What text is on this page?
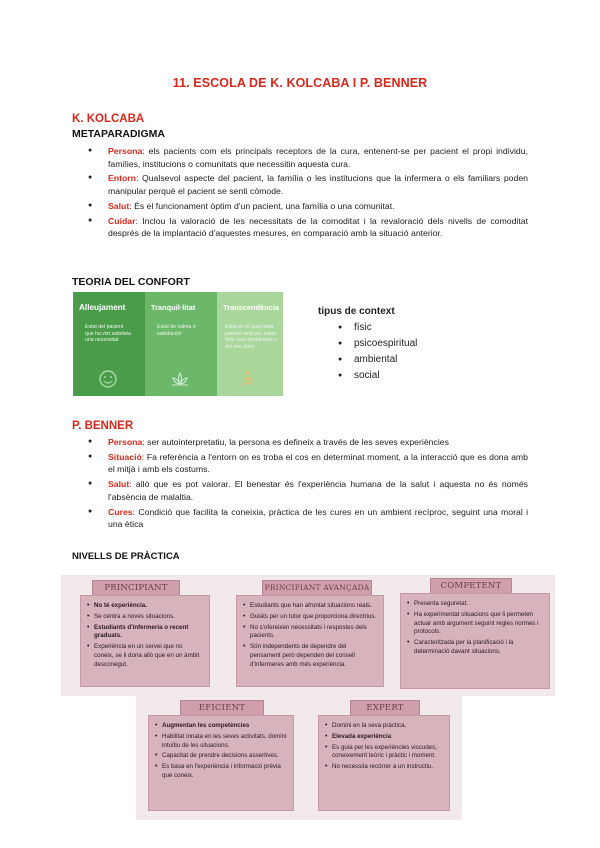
11. ESCOLA DE K. KOLCABA I P. BENNER
K. KOLCABA
METAPARADIGMA
● Persona: els pacients com els principals receptors de la cura, entenent-se per pacient el propi individu, famílies, institucions o comunitats que necessitin aquesta cura.
● Entorn: Qualsevol aspecte del pacient, la família o les institucions que la infermera o els familiars poden manipular perquè el pacient se senti còmode.
● Salut: És el funcionament òptim d'un pacient, una família o una comunitat.
● Cuidar: Inclou la valoració de les necessitats de la comoditat i la revaloració dels nivells de comoditat després de la implantació d'aquestes mesures, en comparació amb la situació anterior.
TEORIA DEL CONFORT
Alleujament
Estat del pacient que ha vist satisfeta una necessitat
Tranquil·litat
Estat de calma o satisfacció
Transcendència
Estat en el qual cada pacient està per sobre dels seus problemes o del seu dolor
tipus de context
● físic
● psicoespiritual
● ambiental
● social
P. BENNER
● Persona: ser autointerpretatiu, la persona es defineix a través de les seves experiències
● Situació: Fa referència a l'entorn on es troba el cos en determinat moment, a la interacció que es dona amb el mitjà i amb els costums.
● Salut: allò que es pot valorar. El benestar és l'experiència humana de la salut i aquesta no és només l'absència de malaltia.
● Cures: Condició que facilita la coneixia, pràctica de les cures en un ambient recíproc, seguint una moral i una ètica
NIVELLS DE PRÀCTICA
PRINCIPIANT
• No té experiència.
• Se centra a noves situacions.
• Estudiants d'infermeria o recent graduats.
• Experiència en un servei que no coneix, se li dona allò que en un àmbit desconegut.
PRINCIPIANT AVANÇADA
• Estudiants que han afrontat situacions reals.
• Guiats per un tutor que proporciona directrius.
• No s'ofereixen necessitats i respostes dels pacients.
• Són independents de dependre del pensament però dependen del consell d'infermeres amb més experiència.
COMPETENT
• Presenta seguretat.
• Ha experimentat situacions que li permeten actuar amb argument seguint regles normes i protocols.
• Caracteritzada per la planificació i la determinació davant situacions.
EFICIENT
• Augmentan les competències
• Habilitat innata en les seves activitats, domini intuïtiu de les situacions.
• Capacitat de prendre decisions assertives.
• Es basa en l'experiència i informació prèvia que coneix.
EXPERT
• Domini en la seva pràctica.
• Elevada experiència
• Es guia per les experiències viscudes, coneixement teòric i pràctic i moment.
• No necessita recórrer a un instructiu.
